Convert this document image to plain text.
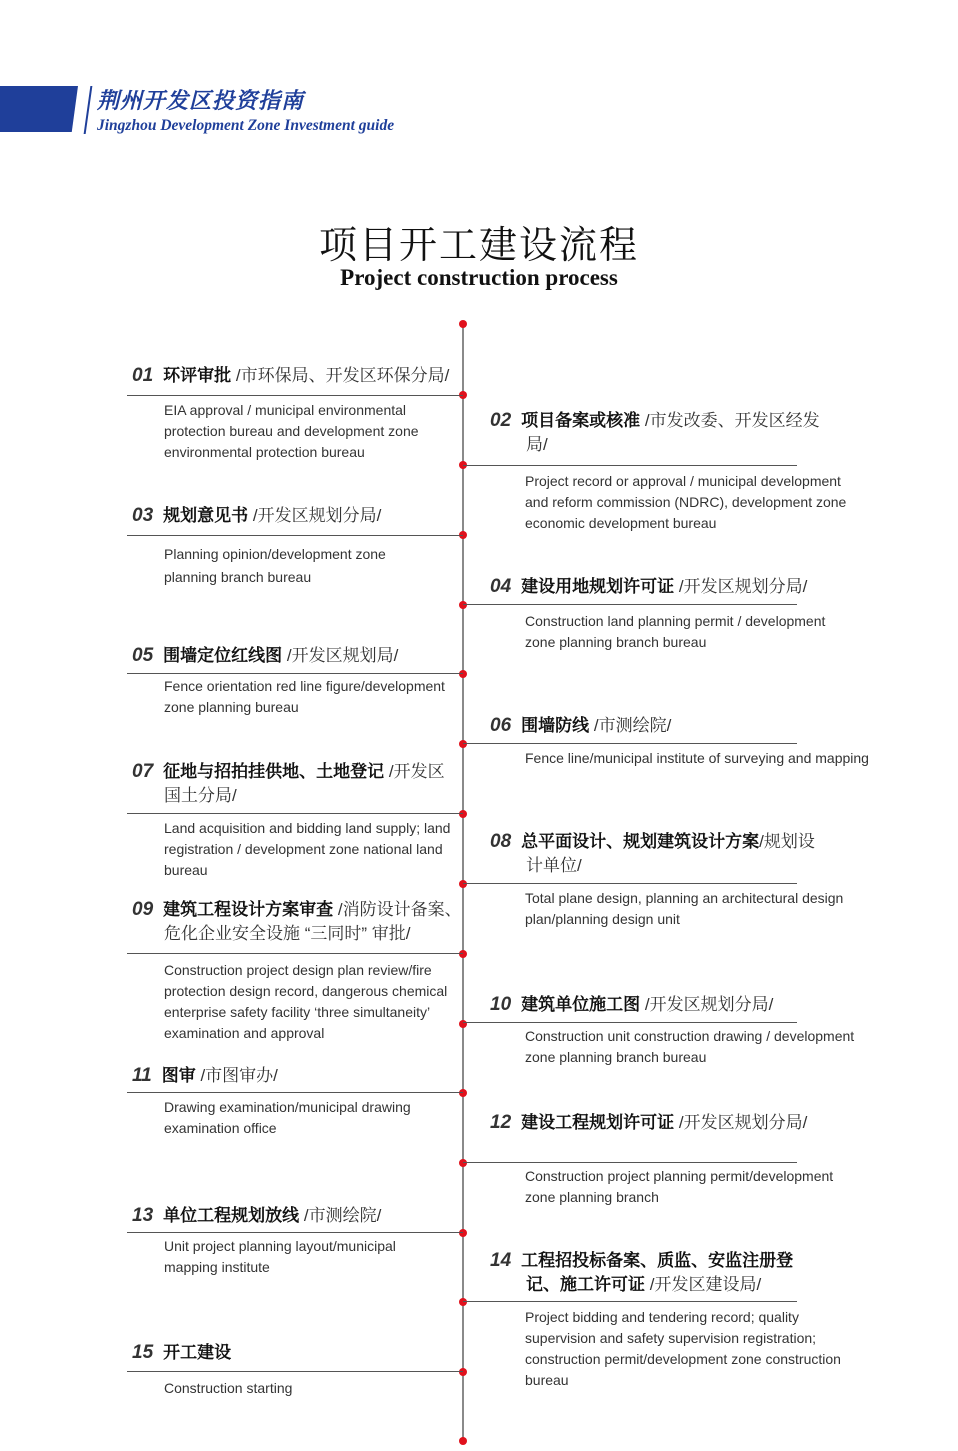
荆州开发区投资指南
Jingzhou Development Zone Investment guide
项目开工建设流程
Project construction process
01 环评审批 /市环保局、开发区环保分局/
EIA approval / municipal environmental protection bureau and development zone environmental protection bureau
02 项目备案或核准 /市发改委、开发区经发局/
Project record or approval / municipal development and reform commission (NDRC), development zone economic development bureau
03 规划意见书 /开发区规划分局/
Planning opinion/development zone planning branch bureau	04 建设用地规划许可证 /开发区规划分局/
Construction land planning permit / development zone planning branch bureau
05 围墙定位红线图 /开发区规划局/
Fence orientation red line figure/development zone planning bureau
06 围墙防线 /市测绘院/
Fence line/municipal institute of surveying and mapping
07 征地与招拍挂供地、土地登记 /开发区国土分局/
Land acquisition and bidding land supply; land registration / development zone national land bureau
08 总平面设计、规划建筑设计方案/规划设计单位/
Total plane design, planning an architectural design plan/planning design unit
09 建筑工程设计方案审查 /消防设计备案、危化企业安全设施 “三同时” 审批/
Construction project design plan review/fire protection design record, dangerous chemical enterprise safety facility ‘three simultaneity’ examination and approval
10 建筑单位施工图 /开发区规划分局/
Construction unit construction drawing / development zone planning branch bureau
11 图审 /市图审办/
Drawing examination/municipal drawing examination office	12 建设工程规划许可证 /开发区规划分局/
Construction project planning permit/development zone planning branch
13 单位工程规划放线 /市测绘院/
Unit project planning layout/municipal mapping institute	14 工程招投标备案、质监、安监注册登记、施工许可证 /开发区建设局/
Project bidding and tendering record; quality supervision and safety supervision registration; construction permit/development zone construction bureau
15 开工建设
Construction starting
